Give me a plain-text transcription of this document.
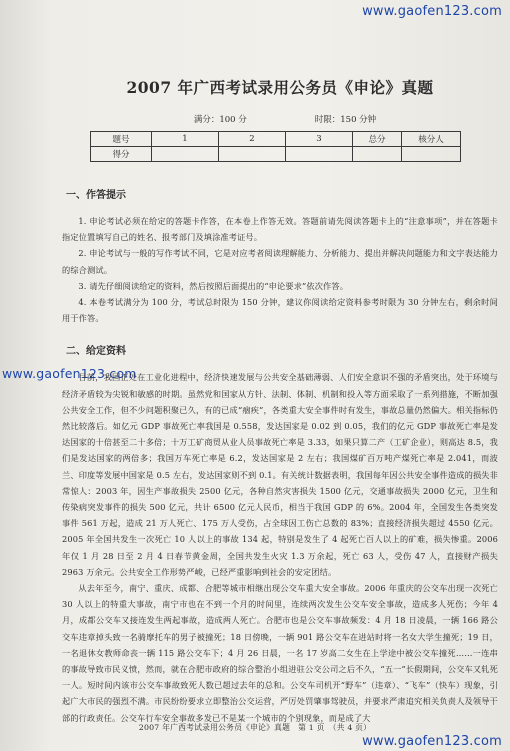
www.gaofen123.com
www.gaofen123.com
www.gaofen123.com
2007 年广西考试录用公务员《申论》真题
满分：100 分	时限：150 分钟
题号	1	2	3	总分	核分人
得分					
一、作答提示

1. 申论考试必须在给定的答题卡作答，在本卷上作答无效。答题前请先阅读答题卡上的“注意事项”，并在答题卡指定位置填写自己的姓名、报考部门及填涂准考证号。

2. 申论考试与一般的写作考试不同，它是对应考者阅读理解能力、分析能力、提出并解决问题能力和文字表达能力的综合测试。

3. 请先仔细阅读给定的资料，然后按照后面提出的“申论要求”依次作答。

4. 本卷考试满分为 100 分，考试总时限为 150 分钟，建议你阅读给定资料参考时限为 30 分钟左右，剩余时间用于作答。

二、给定资料

目前，我国正处在工业化进程中，经济快速发展与公共安全基础薄弱、人们安全意识不强的矛盾突出，处于环境与经济矛盾较为尖锐和敏感的时期。虽然党和国家从方针、法制、体制、机制和投入等方面采取了一系列措施，不断加强公共安全工作，但不少问题积聚已久，有的已成“痼疾”，各类重大安全事件时有发生，事故总量仍然偏大。相关指标仍然比较落后。如亿元 GDP 事故死亡率我国是 0.558，发达国家是 0.02 到 0.05，我们的亿元 GDP 事故死亡率是发达国家的十倍甚至二十多倍；十万工矿商贸从业人员事故死亡率是 3.33，如果只算二产（工矿企业），则高达 8.5，我们是发达国家的两倍多；我国万车死亡率是 6.2，发达国家是 2 左右；我国煤矿百万吨产煤死亡率是 2.041，而波兰、印度等发展中国家是 0.5 左右，发达国家则不到 0.1。有关统计数据表明，我国每年因公共安全事件造成的损失非常惊人：2003 年，因生产事故损失 2500 亿元，各种自然灾害损失 1500 亿元，交通事故损失 2000 亿元，卫生和传染病突发事件的损失 500 亿元，共计 6500 亿元人民币，相当于我国 GDP 的 6%。2004 年，全国发生各类突发事件 561 万起，造成 21 万人死亡、175 万人受伤，占全球因工伤亡总数的 83%；直接经济损失超过 4550 亿元。2005 年全国共发生一次死亡 10 人以上的事故 134 起，特别是发生了 4 起死亡百人以上的矿难，损失惨重。2006 年仅 1 月 28 日至 2 月 4 日春节黄金周，全国共发生火灾 1.3 万余起，死亡 63 人，受伤 47 人，直接财产损失 2963 万余元。公共安全工作形势严峻，已经严重影响到社会的安定团结。

从去年至今，南宁、重庆、成都、合肥等城市相继出现公交车重大安全事故。2006 年重庆的公交车出现一次死亡 30 人以上的特重大事故，南宁市也在不到一个月的时间里，连续两次发生公交车安全事故，造成多人死伤；今年 4 月，成都公交车又接连发生两起事故，造成两人死亡。合肥市也是公交车事故频发：4 月 18 日凌晨，一辆 166 路公交车违章掉头致一名骑摩托车的男子被撞死；18 日傍晚，一辆 901 路公交车在进站时将一名女大学生撞死；19 日，一名退休女教师命丧一辆 115 路公交车下；4 月 26 日晨，一名 17 岁高二女生在上学途中被公交车撞死……一连串的事故导致市民义愤，然而，就在合肥市政府的综合整治小组进驻公交公司之后不久，“五一”长假期间，公交车又轧死一人。短时间内该市公交车事故致死人数已超过去年的总和。公交车司机开“野车”（违章）、“飞车”（快车）现象，引起广大市民的强烈不满。市民纷纷要求立即整治公交运营，严厉处罚肇事驾驶员，并要求严肃追究相关负责人及领导干部的行政责任。公交车行车安全事故多发已不是某一个城市的个别现象，而是成了大

2007 年广西考试录用公务员《申论》真题　第 1 页　（共 4 页）
